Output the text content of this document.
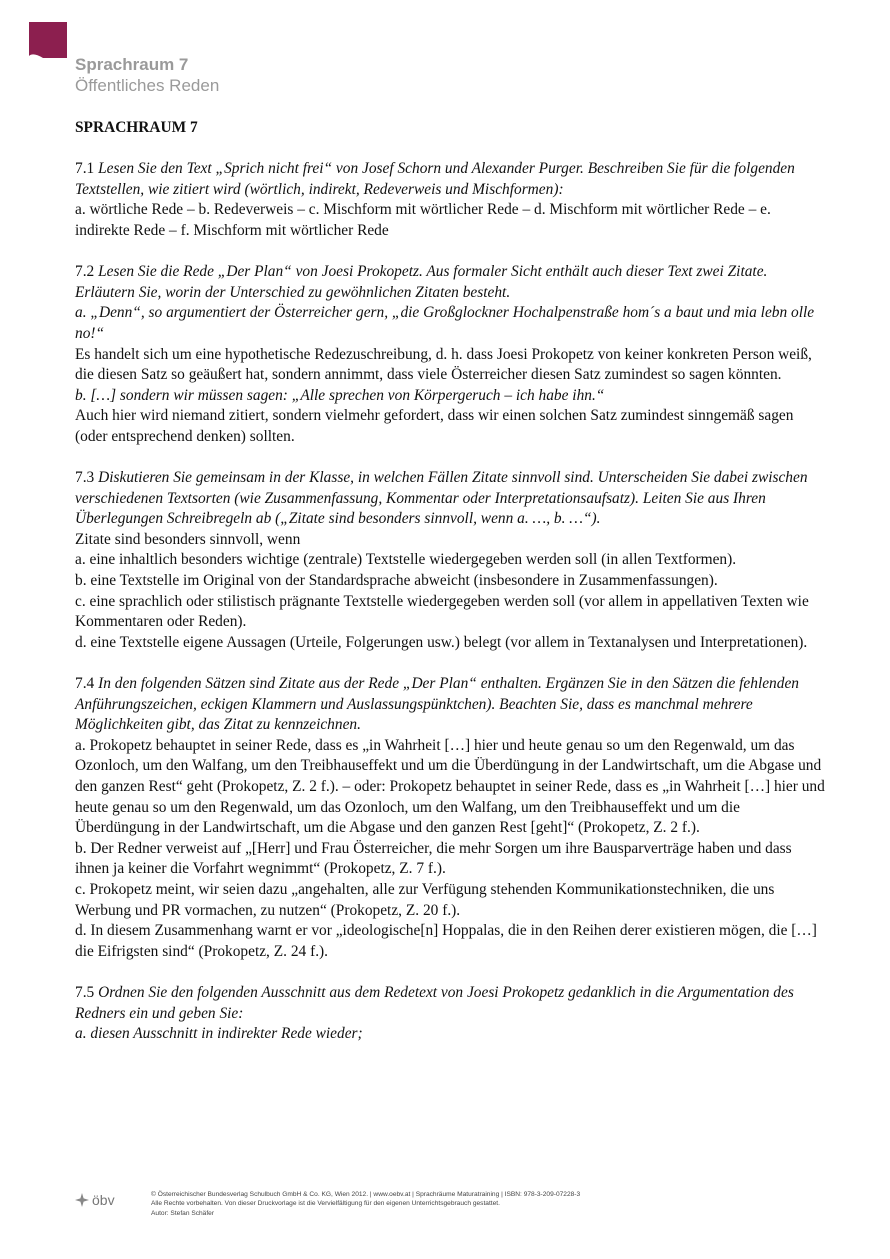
Sprachraum 7
Öffentliches Reden
SPRACHRAUM 7

7.1 Lesen Sie den Text „Sprich nicht frei“ von Josef Schorn und Alexander Purger. Beschreiben Sie für die folgenden Textstellen, wie zitiert wird (wörtlich, indirekt, Redeverweis und Mischformen):

a. wörtliche Rede – b. Redeverweis – c. Mischform mit wörtlicher Rede – d. Mischform mit wörtlicher Rede – e. indirekte Rede – f. Mischform mit wörtlicher Rede

7.2 Lesen Sie die Rede „Der Plan“ von Joesi Prokopetz. Aus formaler Sicht enthält auch dieser Text zwei Zitate. Erläutern Sie, worin der Unterschied zu gewöhnlichen Zitaten besteht.

a. „Denn“, so argumentiert der Österreicher gern, „die Großglockner Hochalpenstraße hom´s a baut und mia lebn olle no!“

Es handelt sich um eine hypothetische Redezuschreibung, d. h. dass Joesi Prokopetz von keiner konkreten Person weiß, die diesen Satz so geäußert hat, sondern annimmt, dass viele Österreicher diesen Satz zumindest so sagen könnten.

b. […] sondern wir müssen sagen: „Alle sprechen von Körpergeruch – ich habe ihn.“

Auch hier wird niemand zitiert, sondern vielmehr gefordert, dass wir einen solchen Satz zumindest sinngemäß sagen (oder entsprechend denken) sollten.

7.3 Diskutieren Sie gemeinsam in der Klasse, in welchen Fällen Zitate sinnvoll sind. Unterscheiden Sie dabei zwischen verschiedenen Textsorten (wie Zusammenfassung, Kommentar oder Interpretationsaufsatz). Leiten Sie aus Ihren Überlegungen Schreibregeln ab („Zitate sind besonders sinnvoll, wenn a. …, b. …“).

Zitate sind besonders sinnvoll, wenn

a. eine inhaltlich besonders wichtige (zentrale) Textstelle wiedergegeben werden soll (in allen Textformen).

b. eine Textstelle im Original von der Standardsprache abweicht (insbesondere in Zusammenfassungen).

c. eine sprachlich oder stilistisch prägnante Textstelle wiedergegeben werden soll (vor allem in appellativen Texten wie Kommentaren oder Reden).

d. eine Textstelle eigene Aussagen (Urteile, Folgerungen usw.) belegt (vor allem in Textanalysen und Interpretationen).

7.4 In den folgenden Sätzen sind Zitate aus der Rede „Der Plan“ enthalten. Ergänzen Sie in den Sätzen die fehlenden Anführungszeichen, eckigen Klammern und Auslassungspünktchen). Beachten Sie, dass es manchmal mehrere Möglichkeiten gibt, das Zitat zu kennzeichnen.

a. Prokopetz behauptet in seiner Rede, dass es „in Wahrheit […] hier und heute genau so um den Regenwald, um das Ozonloch, um den Walfang, um den Treibhauseffekt und um die Überdüngung in der Landwirtschaft, um die Abgase und den ganzen Rest“ geht (Prokopetz, Z. 2 f.). – oder: Prokopetz behauptet in seiner Rede, dass es „in Wahrheit […] hier und heute genau so um den Regenwald, um das Ozonloch, um den Walfang, um den Treibhauseffekt und um die Überdüngung in der Landwirtschaft, um die Abgase und den ganzen Rest [geht]“ (Prokopetz, Z. 2 f.).

b. Der Redner verweist auf „[Herr] und Frau Österreicher, die mehr Sorgen um ihre Bausparverträge haben und dass ihnen ja keiner die Vorfahrt wegnimmt“ (Prokopetz, Z. 7 f.).

c. Prokopetz meint, wir seien dazu „angehalten, alle zur Verfügung stehenden Kommunikationstechniken, die uns Werbung und PR vormachen, zu nutzen“ (Prokopetz, Z. 20 f.).

d. In diesem Zusammenhang warnt er vor „ideologische[n] Hoppalas, die in den Reihen derer existieren mögen, die […] die Eifrigsten sind“ (Prokopetz, Z. 24 f.).

7.5 Ordnen Sie den folgenden Ausschnitt aus dem Redetext von Joesi Prokopetz gedanklich in die Argumentation des Redners ein und geben Sie:

a. diesen Ausschnitt in indirekter Rede wieder;

öbv	© Österreichischer Bundesverlag Schulbuch GmbH & Co. KG, Wien 2012. | www.oebv.at | Sprachräume Maturatraining | ISBN: 978-3-209-07228-3
Alle Rechte vorbehalten. Von dieser Druckvorlage ist die Vervielfältigung für den eigenen Unterrichtsgebrauch gestattet.
Autor: Stefan Schäfer
